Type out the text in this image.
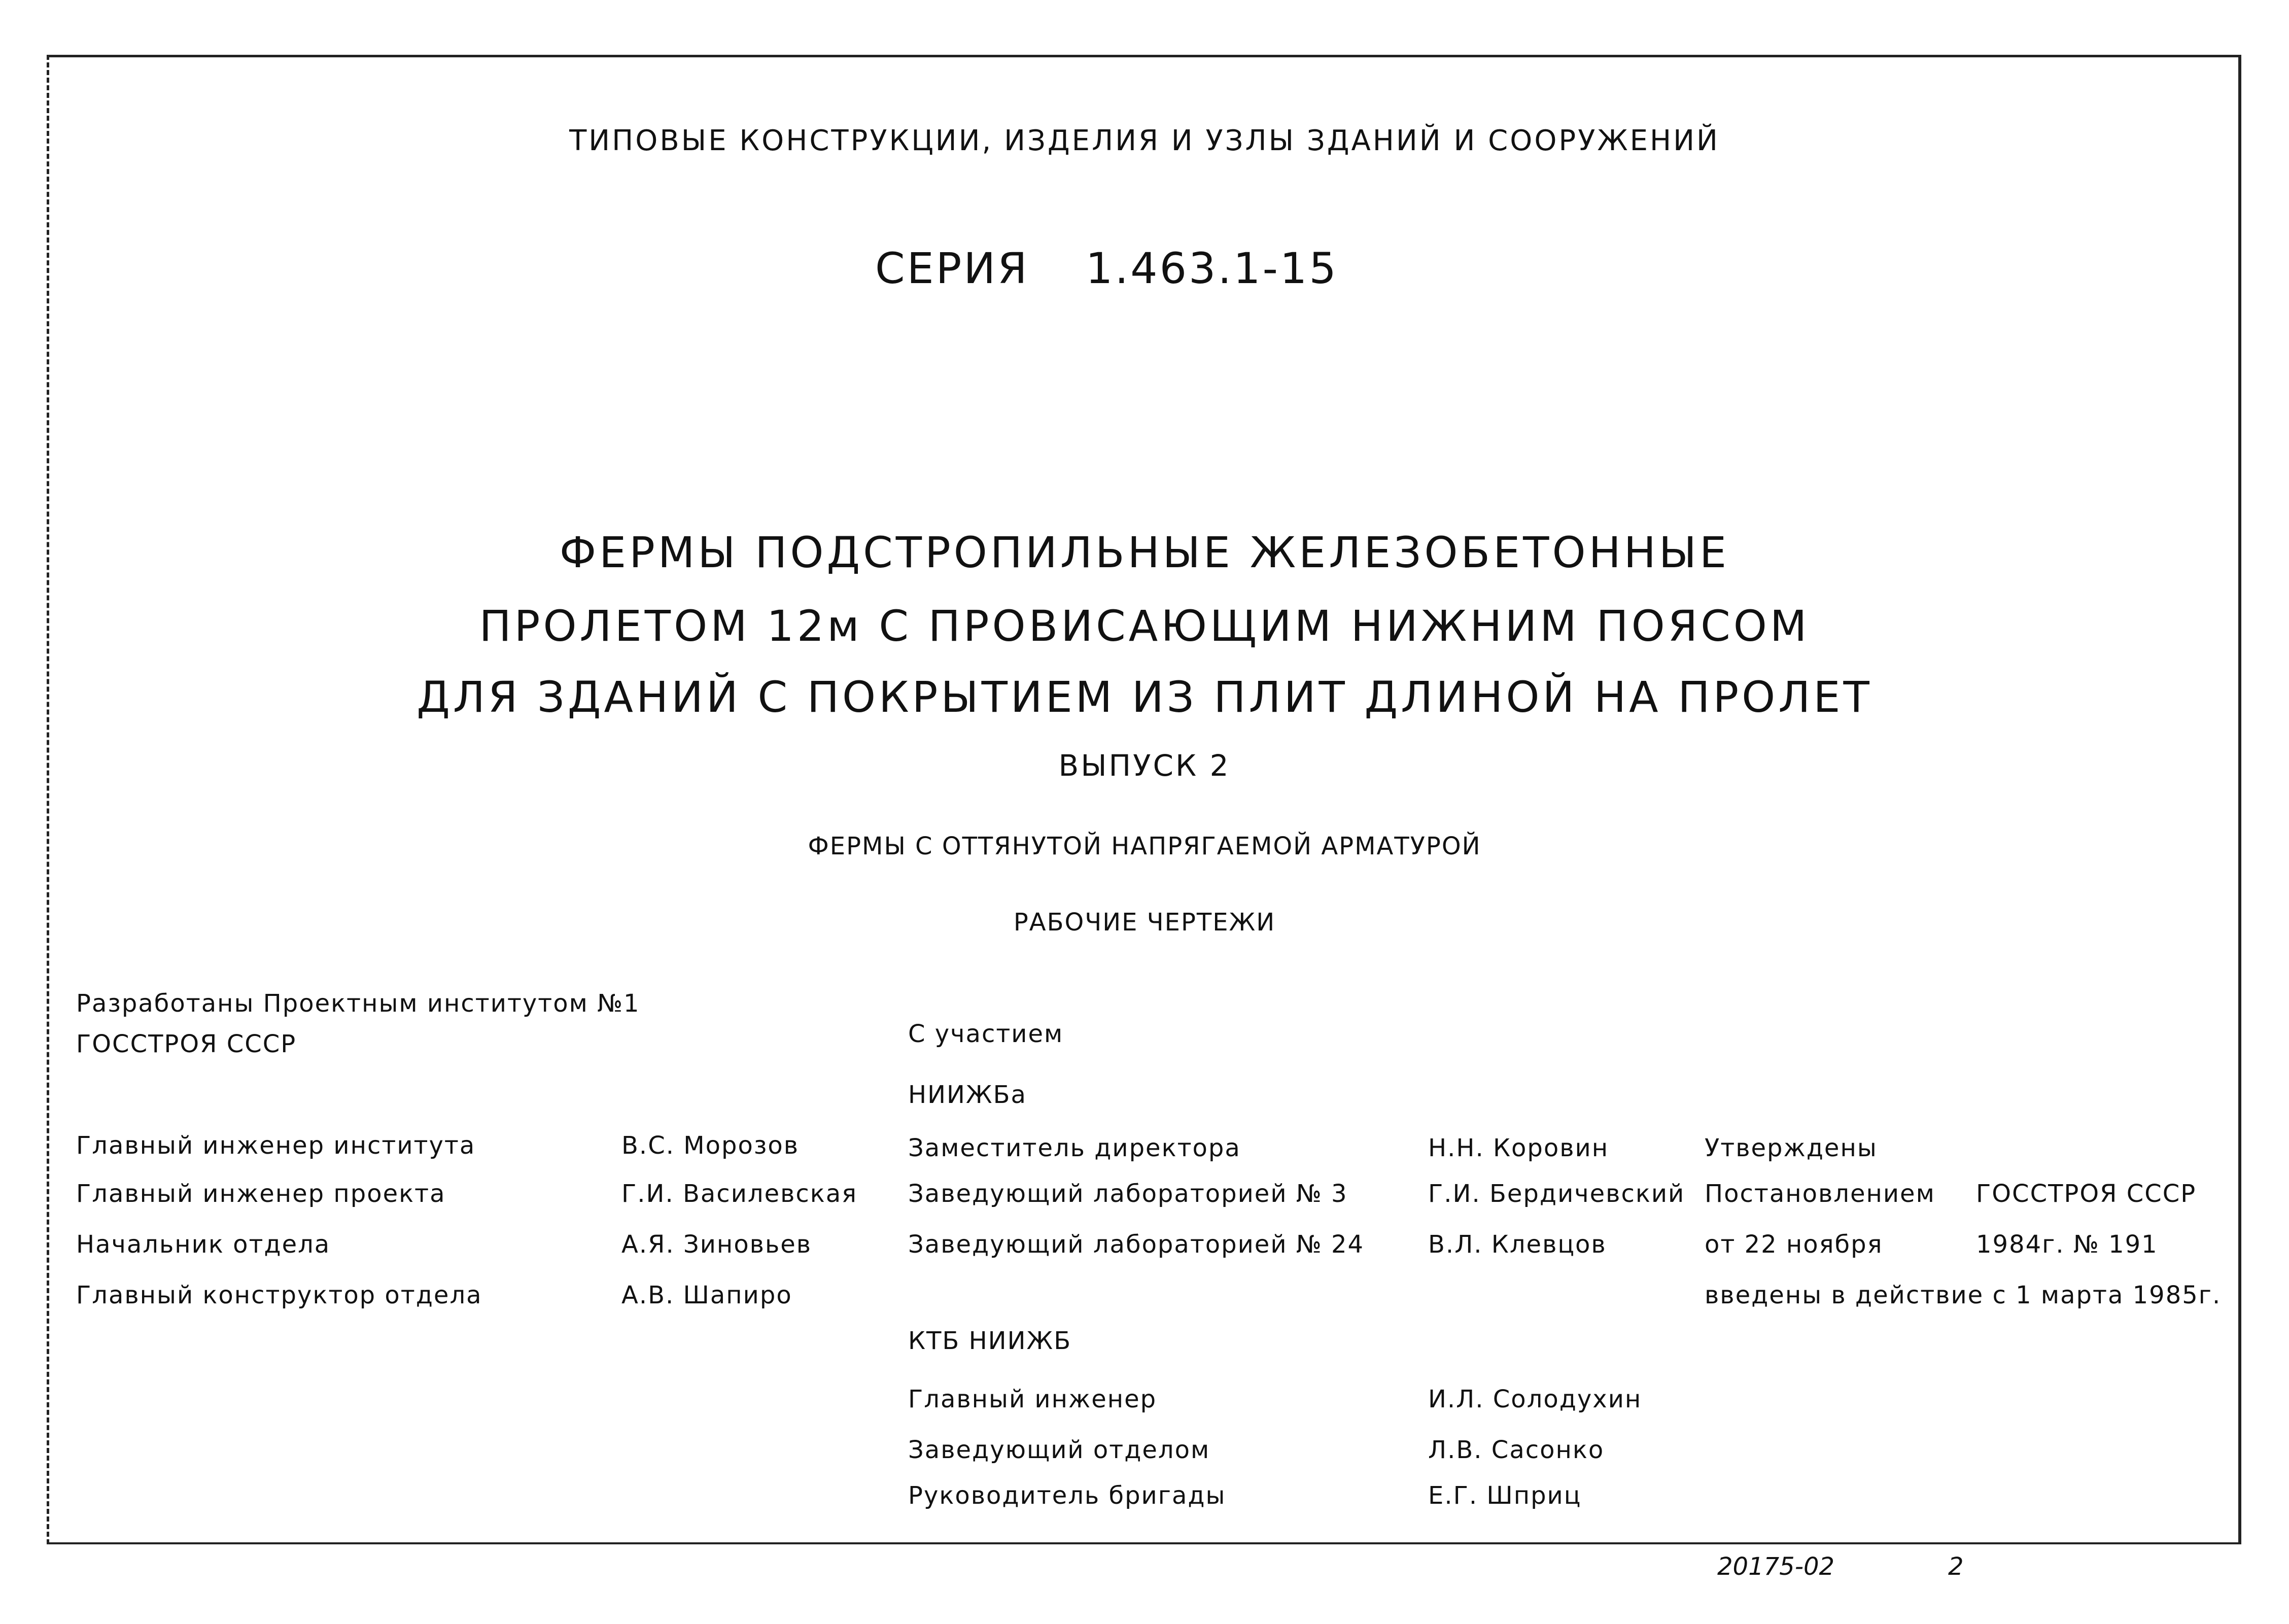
ТИПОВЫЕ КОНСТРУКЦИИ, ИЗДЕЛИЯ И УЗЛЫ ЗДАНИЙ И СООРУЖЕНИЙ
СЕРИЯ 1.463.1-15
ФЕРМЫ ПОДСТРОПИЛЬНЫЕ ЖЕЛЕЗОБЕТОННЫЕ
ПРОЛЕТОМ 12м С ПРОВИСАЮЩИМ НИЖНИМ ПОЯСОМ
ДЛЯ ЗДАНИЙ С ПОКРЫТИЕМ ИЗ ПЛИТ ДЛИНОЙ НА ПРОЛЕТ
ВЫПУСК 2
ФЕРМЫ С ОТТЯНУТОЙ НАПРЯГАЕМОЙ АРМАТУРОЙ
РАБОЧИЕ ЧЕРТЕЖИ
Разработаны Проектным институтом №1
ГОССТРОЯ СССР
Главный инженер института	В.С. Морозов
Главный инженер проекта	Г.И. Василевская
Начальник отдела	А.Я. Зиновьев
Главный конструктор отдела	А.В. Шапиро
С участием
НИИЖБа
Заместитель директора	Н.Н. Коровин
Заведующий лабораторией № 3	Г.И. Бердичевский
Заведующий лабораторией № 24	В.Л. Клевцов
КТБ НИИЖБ
Главный инженер	И.Л. Солодухин
Заведующий отделом	Л.В. Сасонко
Руководитель бригады	Е.Г. Шприц
Утверждены
Постановлением ГОССТРОЯ СССР
от 22 ноября	1984г. № 191
введены в действие с 1 марта 1985г.
20175-02	2
